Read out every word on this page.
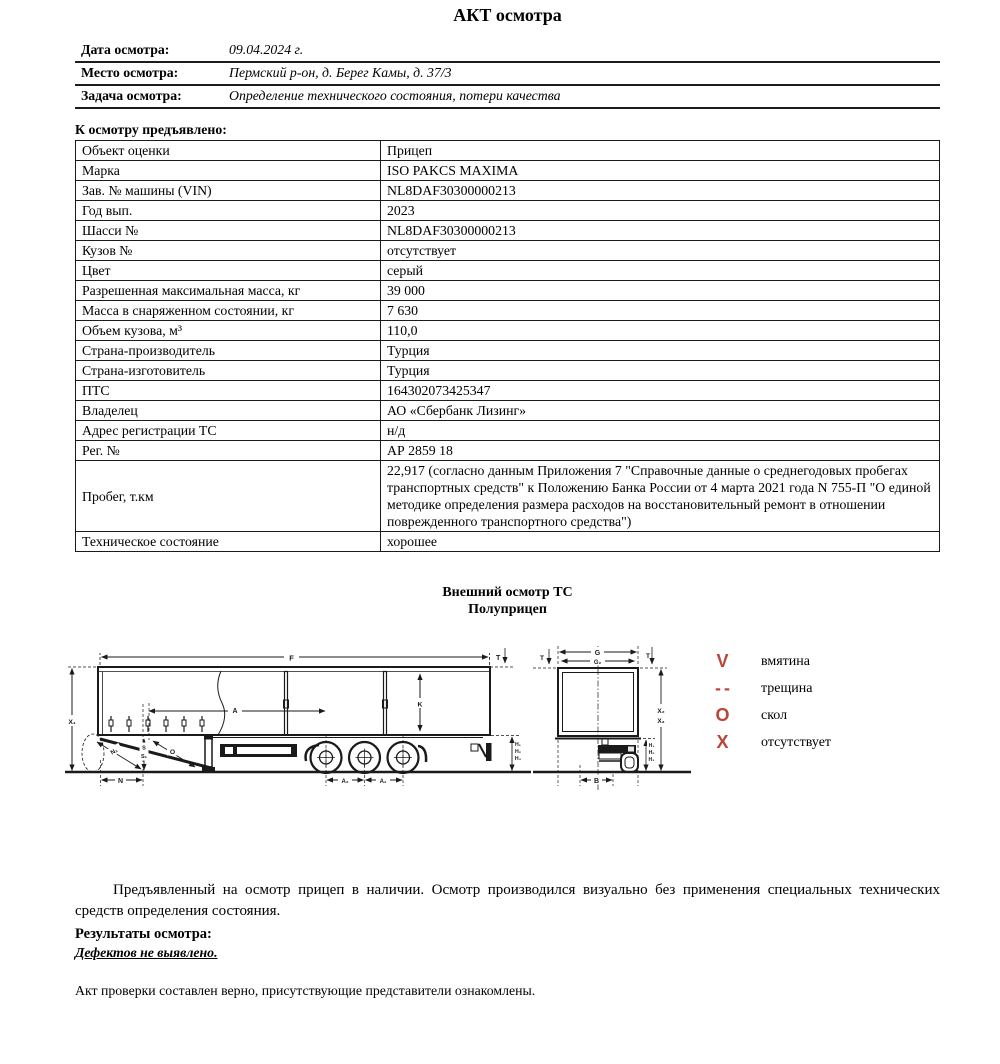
АКТ осмотра
Дата осмотра:	09.04.2024 г.
Место осмотра:	Пермский р-он, д. Берег Камы, д. 37/3
Задача осмотра:	Определение технического состояния, потери качества
К осмотру предъявлено:
Объект оценки	Прицеп
Марка	ISO PAKCS MAXIMA
Зав. № машины (VIN)	NL8DAF30300000213
Год вып.	2023
Шасси №	NL8DAF30300000213
Кузов №	отсутствует
Цвет	серый
Разрешенная максимальная масса, кг	39 000
Масса в снаряженном состоянии, кг	7 630
Объем кузова, м³	110,0
Страна-производитель	Турция
Страна-изготовитель	Турция
ПТС	164302073425347
Владелец	АО «Сбербанк Лизинг»
Адрес регистрации ТС	н/д
Рег. №	АР 2859 18
Пробег, т.км	22,917 (согласно данным Приложения 7 "Справочные данные о среднегодовых пробегах транспортных средств" к Положению Банка России от 4 марта 2021 года N 755-П "О единой методике определения размера расходов на восстановительный ремонт в отношении поврежденного транспортного средства")
Техническое состояние	хорошее
Внешний осмотр ТС
Полуприцеп
F	T
X₁
A
K
H₁
H₂
H₃
N	A₂	A₁
N₁	S
S₁
O	KOGEL
G
G₂
T	T
X₂
X₃
H₁
H₂
H₃
B
V	вмятина
- -	трещина
O	скол
X	отсутствует

Предъявленный на осмотр прицеп в наличии. Осмотр производился визуально без применения специальных технических средств определения состояния.

Результаты осмотра:
Дефектов не выявлено.
Акт проверки составлен верно, присутствующие представители ознакомлены.
